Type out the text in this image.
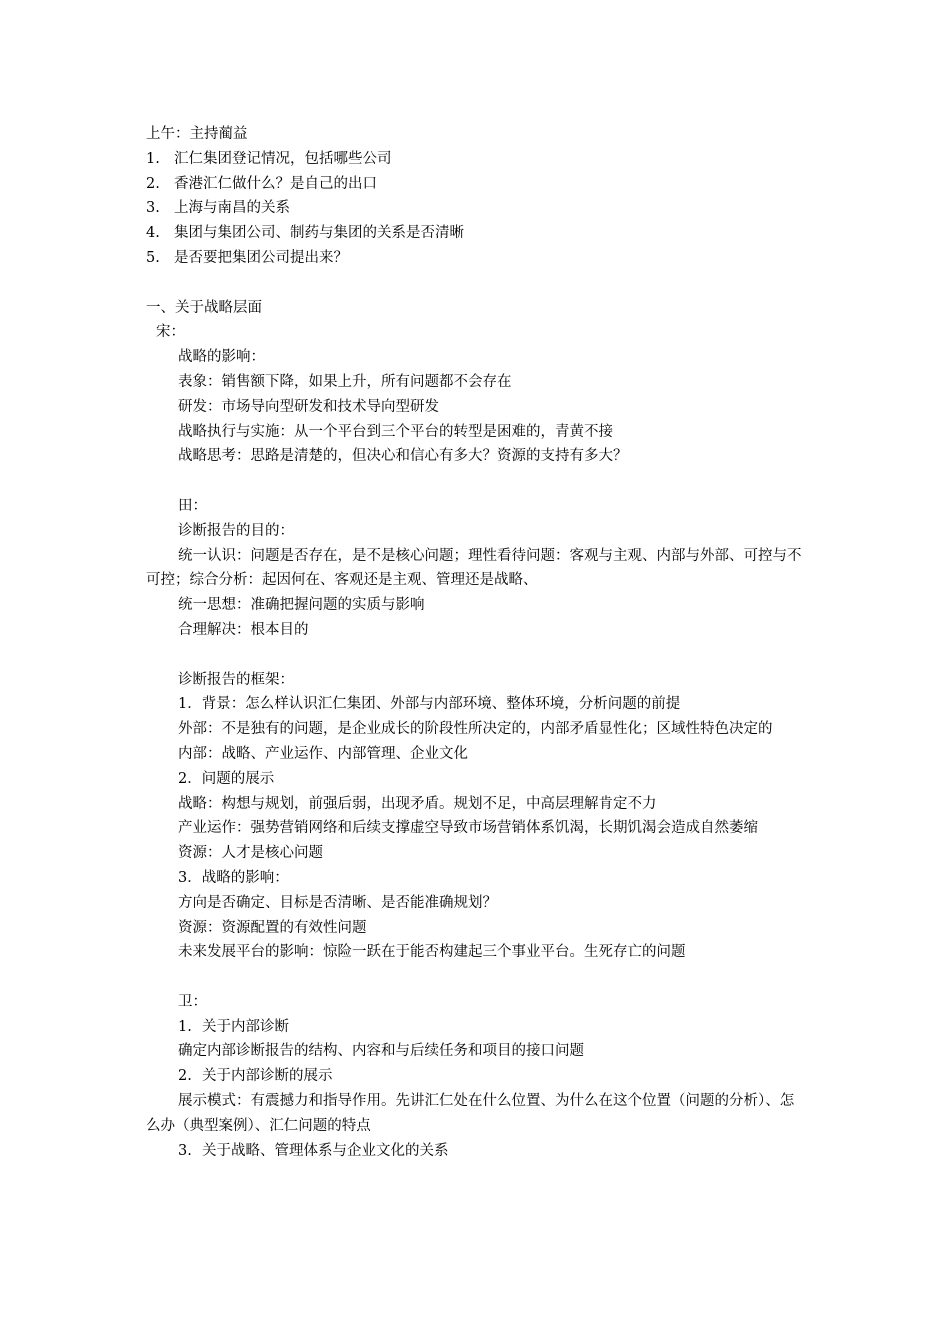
上午：主持蔺益

1. 汇仁集团登记情况，包括哪些公司

2. 香港汇仁做什么？是自己的出口

3. 上海与南昌的关系

4. 集团与集团公司、制药与集团的关系是否清晰

5. 是否要把集团公司提出来？

一、关于战略层面

宋：

战略的影响：

表象：销售额下降，如果上升，所有问题都不会存在

研发：市场导向型研发和技术导向型研发

战略执行与实施：从一个平台到三个平台的转型是困难的，青黄不接

战略思考：思路是清楚的，但决心和信心有多大？资源的支持有多大？

田：

诊断报告的目的：

统一认识：问题是否存在，是不是核心问题；理性看待问题：客观与主观、内部与外部、可控与不可控；综合分析：起因何在、客观还是主观、管理还是战略、

统一思想：准确把握问题的实质与影响

合理解决：根本目的

诊断报告的框架：

1．背景：怎么样认识汇仁集团、外部与内部环境、整体环境，分析问题的前提

外部：不是独有的问题，是企业成长的阶段性所决定的，内部矛盾显性化；区域性特色决定的

内部：战略、产业运作、内部管理、企业文化

2．问题的展示

战略：构想与规划，前强后弱，出现矛盾。规划不足，中高层理解肯定不力

产业运作：强势营销网络和后续支撑虚空导致市场营销体系饥渴，长期饥渴会造成自然萎缩

资源：人才是核心问题

3．战略的影响：

方向是否确定、目标是否清晰、是否能准确规划？

资源：资源配置的有效性问题

未来发展平台的影响：惊险一跃在于能否构建起三个事业平台。生死存亡的问题

卫：

1. 关于内部诊断

确定内部诊断报告的结构、内容和与后续任务和项目的接口问题

2. 关于内部诊断的展示

展示模式：有震撼力和指导作用。先讲汇仁处在什么位置、为什么在这个位置（问题的分析）、怎么办（典型案例）、汇仁问题的特点

3. 关于战略、管理体系与企业文化的关系
